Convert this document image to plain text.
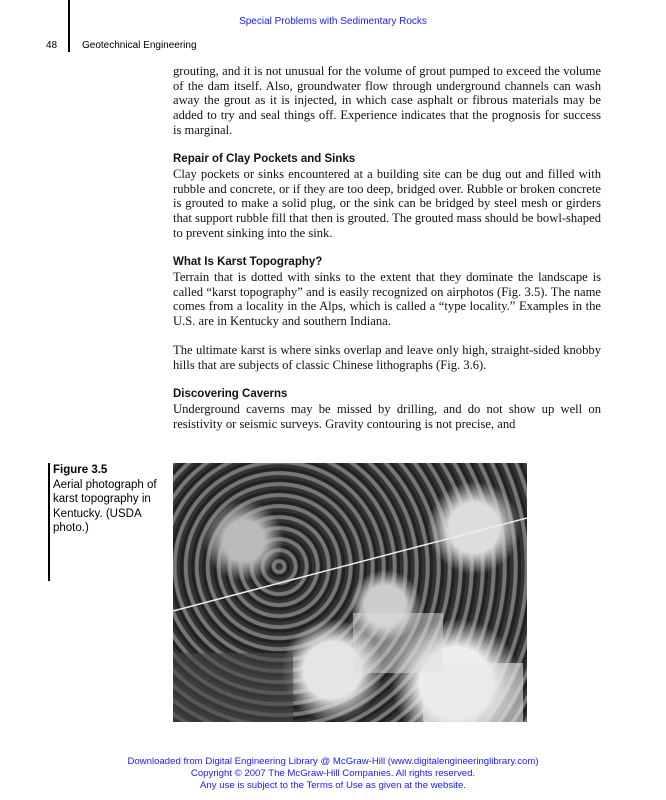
Special Problems with Sedimentary Rocks
48 Geotechnical Engineering

grouting, and it is not unusual for the volume of grout pumped to exceed the volume of the dam itself. Also, groundwater flow through underground channels can wash away the grout as it is injected, in which case asphalt or fibrous materials may be added to try and seal things off. Experience indicates that the prognosis for success is marginal.

Repair of Clay Pockets and Sinks

Clay pockets or sinks encountered at a building site can be dug out and filled with rubble and concrete, or if they are too deep, bridged over. Rubble or broken concrete is grouted to make a solid plug, or the sink can be bridged by steel mesh or girders that support rubble fill that then is grouted. The grouted mass should be bowl-shaped to prevent sinking into the sink.

What Is Karst Topography?

Terrain that is dotted with sinks to the extent that they dominate the landscape is called “karst topography” and is easily recognized on airphotos (Fig. 3.5). The name comes from a locality in the Alps, which is called a “type locality.” Examples in the U.S. are in Kentucky and southern Indiana.

The ultimate karst is where sinks overlap and leave only high, straight-sided knobby hills that are subjects of classic Chinese lithographs (Fig. 3.6).

Discovering Caverns

Underground caverns may be missed by drilling, and do not show up well on resistivity or seismic surveys. Gravity contouring is not precise, and

Figure 3.5
Aerial photograph of karst topography in Kentucky. (USDA photo.)
Downloaded from Digital Engineering Library @ McGraw-Hill (www.digitalengineeringlibrary.com)
Copyright © 2007 The McGraw-Hill Companies. All rights reserved.
Any use is subject to the Terms of Use as given at the website.
